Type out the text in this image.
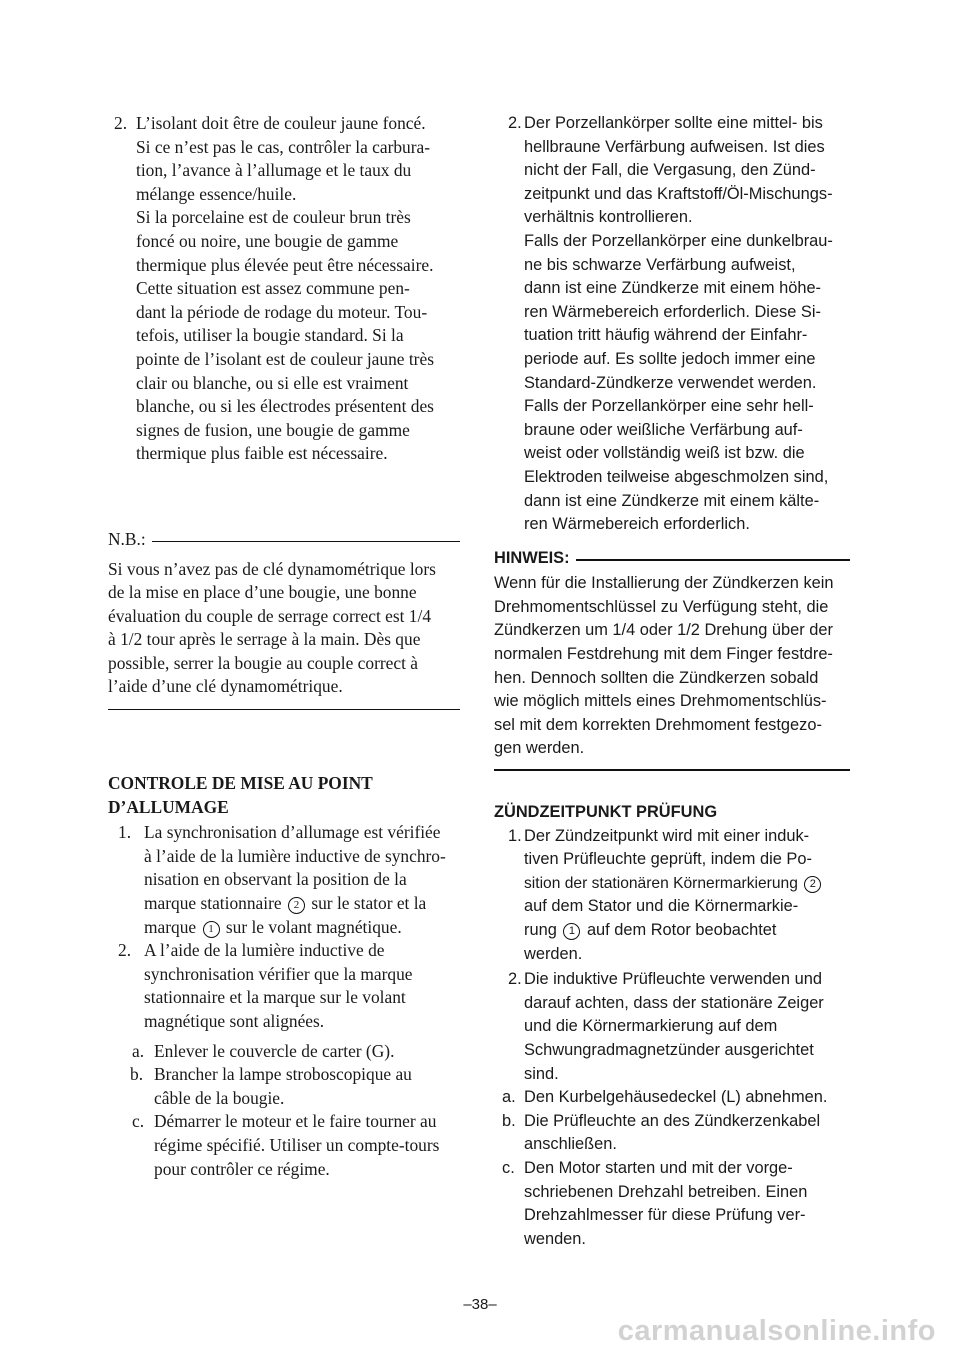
2. L’isolant doit être de couleur jaune foncé.
Si ce n’est pas le cas, contrôler la carbura-
tion, l’avance à l’allumage et le taux du
mélange essence/huile.
Si la porcelaine est de couleur brun très
foncé ou noire, une bougie de gamme
thermique plus élevée peut être nécessaire.
Cette situation est assez commune pen-
dant la période de rodage du moteur. Tou-
tefois, utiliser la bougie standard. Si la
pointe de l’isolant est de couleur jaune très
clair ou blanche, ou si elle est vraiment
blanche, ou si les électrodes présentent des
signes de fusion, une bougie de gamme
thermique plus faible est nécessaire.
N.B.:
Si vous n’avez pas de clé dynamométrique lors
de la mise en place d’une bougie, une bonne
évaluation du couple de serrage correct est 1/4
à 1/2 tour après le serrage à la main. Dès que
possible, serrer la bougie au couple correct à
l’aide d’une clé dynamométrique.
CONTROLE DE MISE AU POINT
D’ALLUMAGE
1. La synchronisation d’allumage est vérifiée
à l’aide de la lumière inductive de synchro-
nisation en observant la position de la
marque stationnaire 2 sur le stator et la
marque 1 sur le volant magnétique.
2. A l’aide de la lumière inductive de
synchronisation vérifier que la marque
stationnaire et la marque sur le volant
magnétique sont alignées.
a. Enlever le couvercle de carter (G).
b. Brancher la lampe stroboscopique au
câble de la bougie.
c. Démarrer le moteur et le faire tourner au
régime spécifié. Utiliser un compte-tours
pour contrôler ce régime.
2. Der Porzellankörper sollte eine mittel- bis
hellbraune Verfärbung aufweisen. Ist dies
nicht der Fall, die Vergasung, den Zünd-
zeitpunkt und das Kraftstoff/Öl-Mischungs-
verhältnis kontrollieren.
Falls der Porzellankörper eine dunkelbrau-
ne bis schwarze Verfärbung aufweist,
dann ist eine Zündkerze mit einem höhe-
ren Wärmebereich erforderlich. Diese Si-
tuation tritt häufig während der Einfahr-
periode auf. Es sollte jedoch immer eine
Standard-Zündkerze verwendet werden.
Falls der Porzellankörper eine sehr hell-
braune oder weißliche Verfärbung auf-
weist oder vollständig weiß ist bzw. die
Elektroden teilweise abgeschmolzen sind,
dann ist eine Zündkerze mit einem kälte-
ren Wärmebereich erforderlich.
HINWEIS:
Wenn für die Installierung der Zündkerzen kein
Drehmomentschlüssel zu Verfügung steht, die
Zündkerzen um 1/4 oder 1/2 Drehung über der
normalen Festdrehung mit dem Finger festdre-
hen. Dennoch sollten die Zündkerzen sobald
wie möglich mittels eines Drehmomentschlüs-
sel mit dem korrekten Drehmoment festgezo-
gen werden.
ZÜNDZEITPUNKT PRÜFUNG
1. Der Zündzeitpunkt wird mit einer induk-
tiven Prüfleuchte geprüft, indem die Po-
sition der stationären Körnermarkierung 2
auf dem Stator und die Körnermarkie-
rung 1 auf dem Rotor beobachtet
werden.
2. Die induktive Prüfleuchte verwenden und
darauf achten, dass der stationäre Zeiger
und die Körnermarkierung auf dem
Schwungradmagnetzünder ausgerichtet
sind.
a. Den Kurbelgehäusedeckel (L) abnehmen.
b. Die Prüfleuchte an des Zündkerzenkabel
anschließen.
c. Den Motor starten und mit der vorge-
schriebenen Drehzahl betreiben. Einen
Drehzahlmesser für diese Prüfung ver-
wenden.
–38–
carmanualsonline.info
